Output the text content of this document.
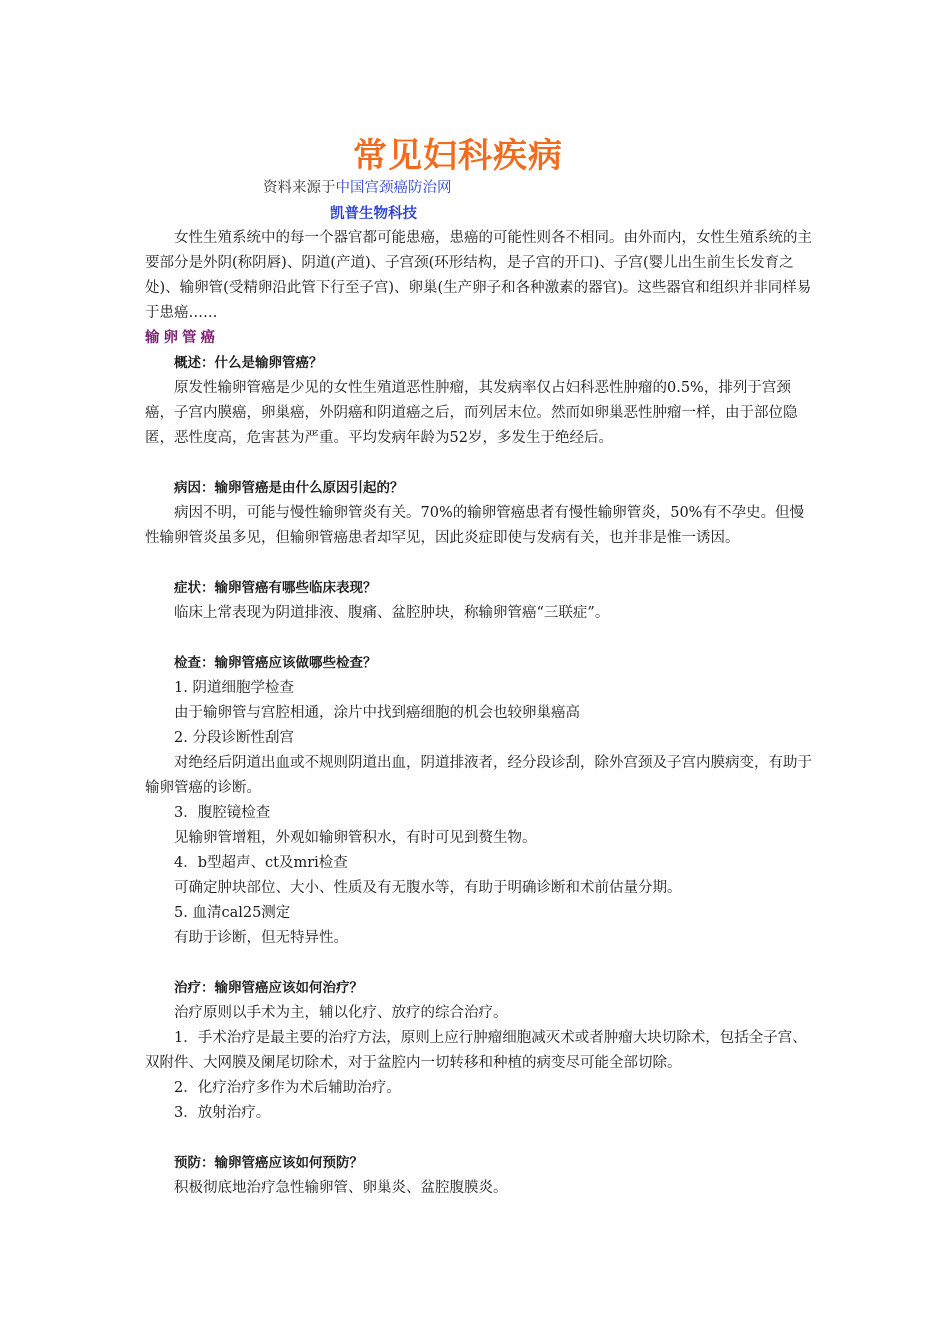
常见妇科疾病
资料来源于中国宫颈癌防治网
凯普生物科技

女性生殖系统中的每一个器官都可能患癌，患癌的可能性则各不相同。由外而内，女性生殖系统的主要部分是外阴(称阴唇)、阴道(产道)、子宫颈(环形结构，是子宫的开口)、子宫(婴儿出生前生长发育之处)、输卵管(受精卵沿此管下行至子宫)、卵巢(生产卵子和各种激素的器官)。这些器官和组织并非同样易于患癌……

输卵管癌

概述：什么是输卵管癌？

原发性输卵管癌是少见的女性生殖道恶性肿瘤，其发病率仅占妇科恶性肿瘤的0.5%，排列于宫颈癌，子宫内膜癌，卵巢癌，外阴癌和阴道癌之后，而列居末位。然而如卵巢恶性肿瘤一样，由于部位隐匿，恶性度高，危害甚为严重。平均发病年龄为52岁，多发生于绝经后。

病因：输卵管癌是由什么原因引起的？

病因不明，可能与慢性输卵管炎有关。70%的输卵管癌患者有慢性输卵管炎，50%有不孕史。但慢性输卵管炎虽多见，但输卵管癌患者却罕见，因此炎症即使与发病有关，也并非是惟一诱因。

症状：输卵管癌有哪些临床表现？

临床上常表现为阴道排液、腹痛、盆腔肿块，称输卵管癌“三联症”。

检查：输卵管癌应该做哪些检查？

1. 阴道细胞学检查

由于输卵管与宫腔相通，涂片中找到癌细胞的机会也较卵巢癌高

2. 分段诊断性刮宫

对绝经后阴道出血或不规则阴道出血，阴道排液者，经分段诊刮，除外宫颈及子宫内膜病变，有助于输卵管癌的诊断。

3．腹腔镜检查

见输卵管增粗，外观如输卵管积水，有时可见到赘生物。

4．b型超声、ct及mri检查

可确定肿块部位、大小、性质及有无腹水等，有助于明确诊断和术前估量分期。

5. 血清cal25测定

有助于诊断，但无特异性。

治疗：输卵管癌应该如何治疗？

治疗原则以手术为主，辅以化疗、放疗的综合治疗。

1．手术治疗是最主要的治疗方法，原则上应行肿瘤细胞减灭术或者肿瘤大块切除术，包括全子宫、双附件、大网膜及阑尾切除术，对于盆腔内一切转移和种植的病变尽可能全部切除。

2．化疗治疗多作为术后辅助治疗。

3．放射治疗。

预防：输卵管癌应该如何预防？

积极彻底地治疗急性输卵管、卵巢炎、盆腔腹膜炎。
